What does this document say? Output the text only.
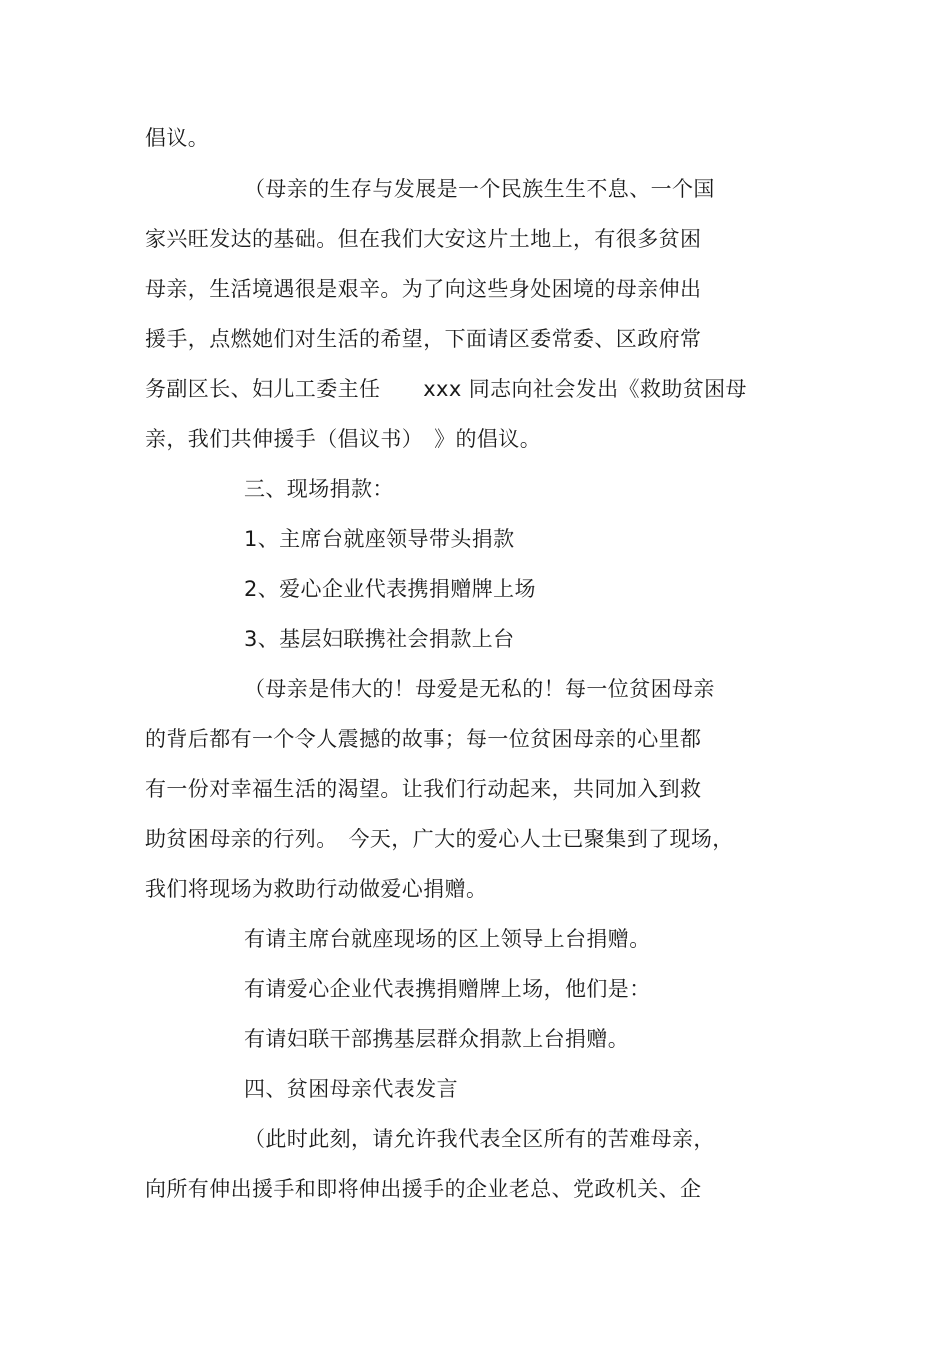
倡议。
（母亲的生存与发展是一个民族生生不息、一个国
家兴旺发达的基础。但在我们大安这片土地上，有很多贫困
母亲，生活境遇很是艰辛。为了向这些身处困境的母亲伸出
援手，点燃她们对生活的希望，下面请区委常委、区政府常
务副区长、妇儿工委主任　　xxx 同志向社会发出《救助贫困母
亲，我们共伸援手（倡议书）　》的倡议。
三、现场捐款：
1、主席台就座领导带头捐款
2、爱心企业代表携捐赠牌上场
3、基层妇联携社会捐款上台
（母亲是伟大的！母爱是无私的！每一位贫困母亲
的背后都有一个令人震撼的故事；每一位贫困母亲的心里都
有一份对幸福生活的渴望。让我们行动起来，共同加入到救
助贫困母亲的行列。　今天，广大的爱心人士已聚集到了现场，
我们将现场为救助行动做爱心捐赠。
有请主席台就座现场的区上领导上台捐赠。
有请爱心企业代表携捐赠牌上场，他们是：
有请妇联干部携基层群众捐款上台捐赠。
四、贫困母亲代表发言
（此时此刻，请允许我代表全区所有的苦难母亲，
向所有伸出援手和即将伸出援手的企业老总、党政机关、企
